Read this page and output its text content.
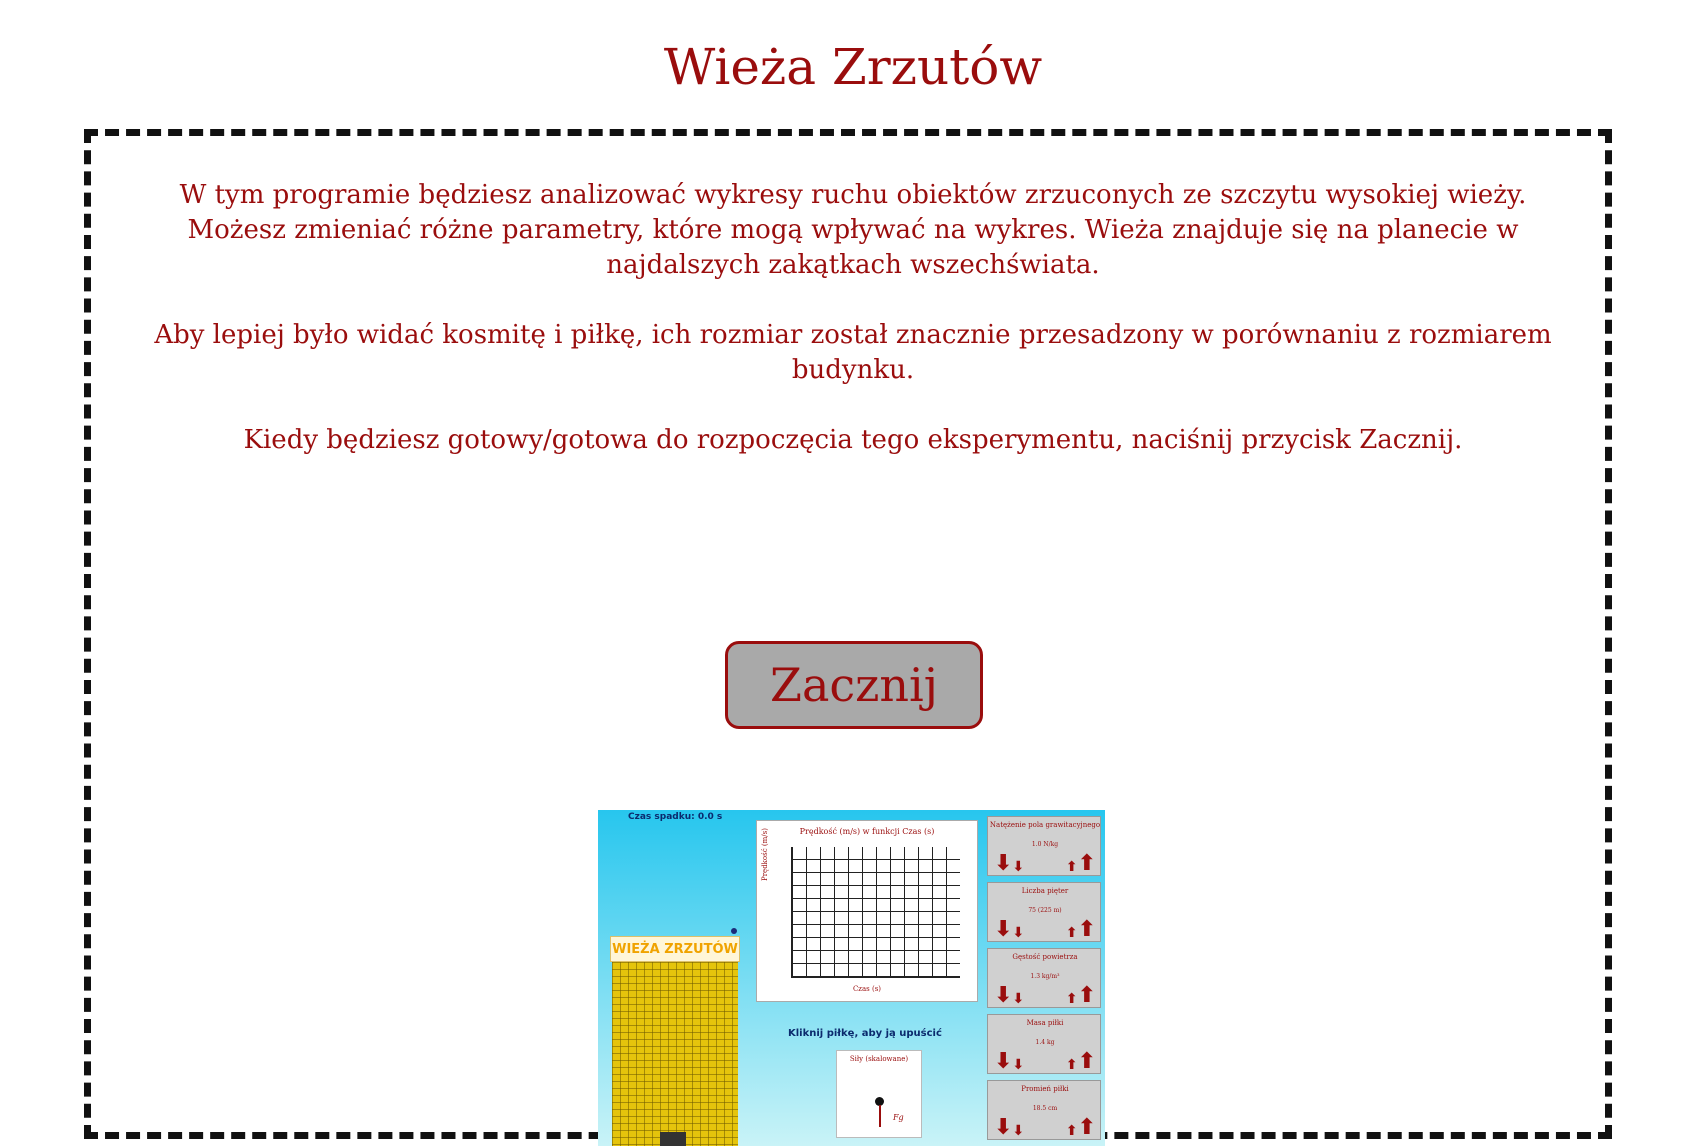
Wieża Zrzutów

W tym programie będziesz analizować wykresy ruchu obiektów zrzuconych ze szczytu wysokiej wieży. Możesz zmieniać różne parametry, które mogą wpływać na wykres. Wieża znajduje się na planecie w najdalszych zakątkach wszechświata.

Aby lepiej było widać kosmitę i piłkę, ich rozmiar został znacznie przesadzony w porównaniu z rozmiarem budynku.

Kiedy będziesz gotowy/gotowa do rozpoczęcia tego eksperymentu, naciśnij przycisk Zacznij.

Zacznij
Czas spadku: 0.0 s
WIEŻA ZRZUTÓW
Prędkość (m/s) w funkcji Czas (s)
Prędkość (m/s)
Czas (s)
Kliknij piłkę, aby ją upuścić
Siły (skalowane)
Fg
Natężenie pola grawitacyjnego
1.0 N/kg
⬇ ⬇	⬆ ⬆
Liczba pięter
75 (225 m)
⬇ ⬇	⬆ ⬆
Gęstość powietrza
1.3 kg/m³
⬇ ⬇	⬆ ⬆
Masa piłki
1.4 kg
⬇ ⬇	⬆ ⬆
Promień piłki
18.5 cm
⬇ ⬇	⬆ ⬆
